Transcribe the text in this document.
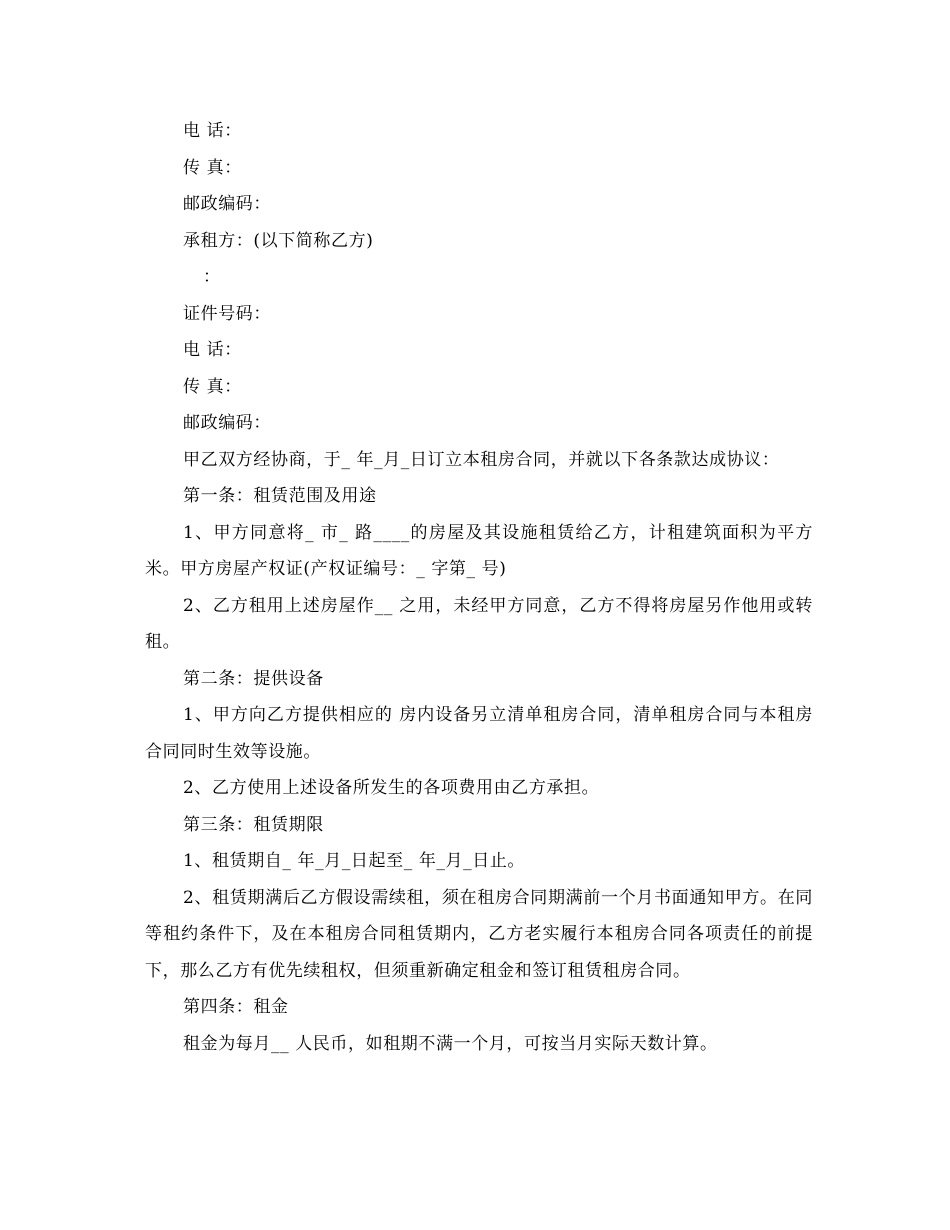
电 话：

传 真：

邮政编码：

承租方：(以下简称乙方)

：

证件号码：

电 话：

传 真：

邮政编码：

甲乙双方经协商，于_ 年_月_日订立本租房合同，并就以下各条款达成协议：

第一条：租赁范围及用途

1、甲方同意将_ 市_ 路____的房屋及其设施租赁给乙方，计租建筑面积为平方米。甲方房屋产权证(产权证编号：_ 字第_ 号)

2、乙方租用上述房屋作__ 之用，未经甲方同意，乙方不得将房屋另作他用或转租。

第二条：提供设备

1、甲方向乙方提供相应的 房内设备另立清单租房合同，清单租房合同与本租房合同同时生效等设施。

2、乙方使用上述设备所发生的各项费用由乙方承担。

第三条：租赁期限

1、租赁期自_ 年_月_日起至_ 年_月_日止。

2、租赁期满后乙方假设需续租，须在租房合同期满前一个月书面通知甲方。在同等租约条件下，及在本租房合同租赁期内，乙方老实履行本租房合同各项责任的前提下，那么乙方有优先续租权，但须重新确定租金和签订租赁租房合同。

第四条：租金

租金为每月__ 人民币，如租期不满一个月，可按当月实际天数计算。
